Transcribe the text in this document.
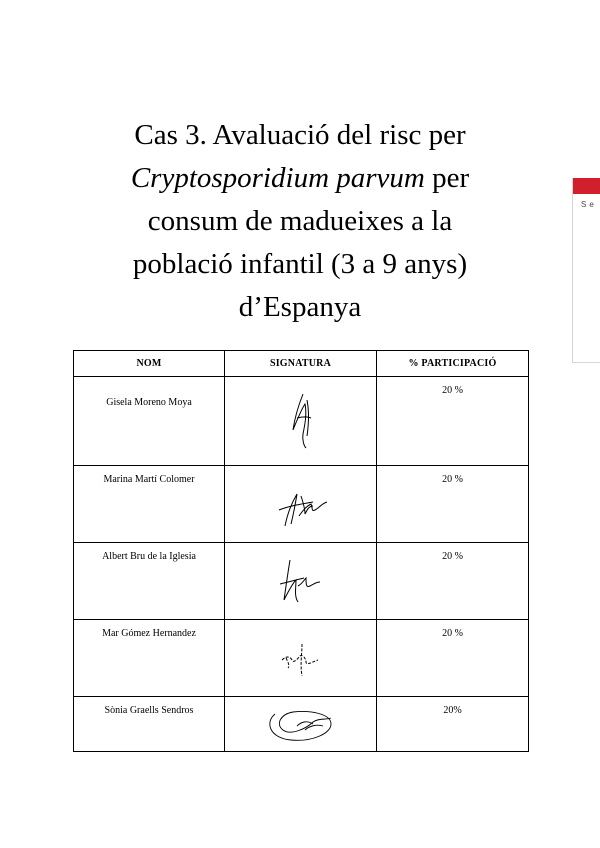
Cas 3. Avaluació del risc per
Cryptosporidium parvum per
consum de madueixes a la
població infantil (3 a 9 anys)
d’Espanya
Se
NOM	SIGNATURA	% PARTICIPACIÓ
Gisela Moreno Moya		20 %
Marina Martí Colomer		20 %
Albert Bru de la Iglesia		20 %
Mar Gómez Hernandez		20 %
Sònia Graells Sendros		20%
